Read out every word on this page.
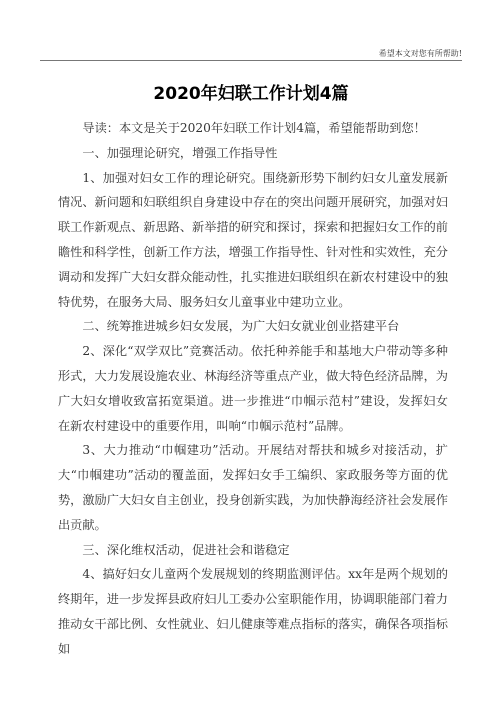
希望本文对您有所帮助!
2020年妇联工作计划4篇

导读：本文是关于2020年妇联工作计划4篇，希望能帮助到您！

一、加强理论研究，增强工作指导性

1、加强对妇女工作的理论研究。围绕新形势下制约妇女儿童发展新情况、新问题和妇联组织自身建设中存在的突出问题开展研究，加强对妇联工作新观点、新思路、新举措的研究和探讨，探索和把握妇女工作的前瞻性和科学性，创新工作方法，增强工作指导性、针对性和实效性，充分调动和发挥广大妇女群众能动性，扎实推进妇联组织在新农村建设中的独特优势，在服务大局、服务妇女儿童事业中建功立业。

二、统筹推进城乡妇女发展，为广大妇女就业创业搭建平台

2、深化“双学双比”竞赛活动。依托种养能手和基地大户带动等多种形式，大力发展设施农业、林海经济等重点产业，做大特色经济品牌，为广大妇女增收致富拓宽渠道。进一步推进“巾帼示范村”建设，发挥妇女在新农村建设中的重要作用，叫响“巾帼示范村”品牌。

3、大力推动“巾帼建功”活动。开展结对帮扶和城乡对接活动，扩大“巾帼建功”活动的覆盖面，发挥妇女手工编织、家政服务等方面的优势，激励广大妇女自主创业，投身创新实践，为加快静海经济社会发展作出贡献。

三、深化维权活动，促进社会和谐稳定

4、搞好妇女儿童两个发展规划的终期监测评估。xx年是两个规划的终期年，进一步发挥县政府妇儿工委办公室职能作用，协调职能部门着力推动女干部比例、女性就业、妇儿健康等难点指标的落实，确保各项指标如
